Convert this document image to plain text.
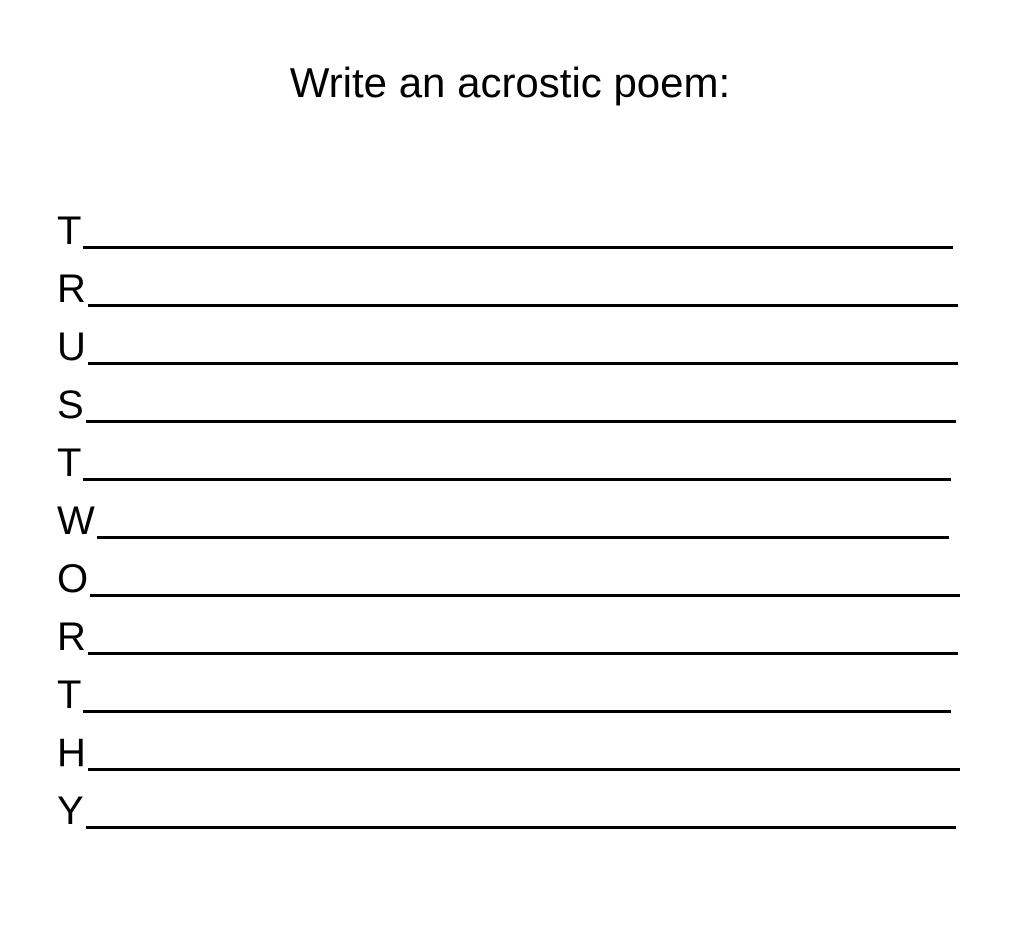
Write an acrostic poem:
T
R
U
S
T
W
O
R
T
H
Y
